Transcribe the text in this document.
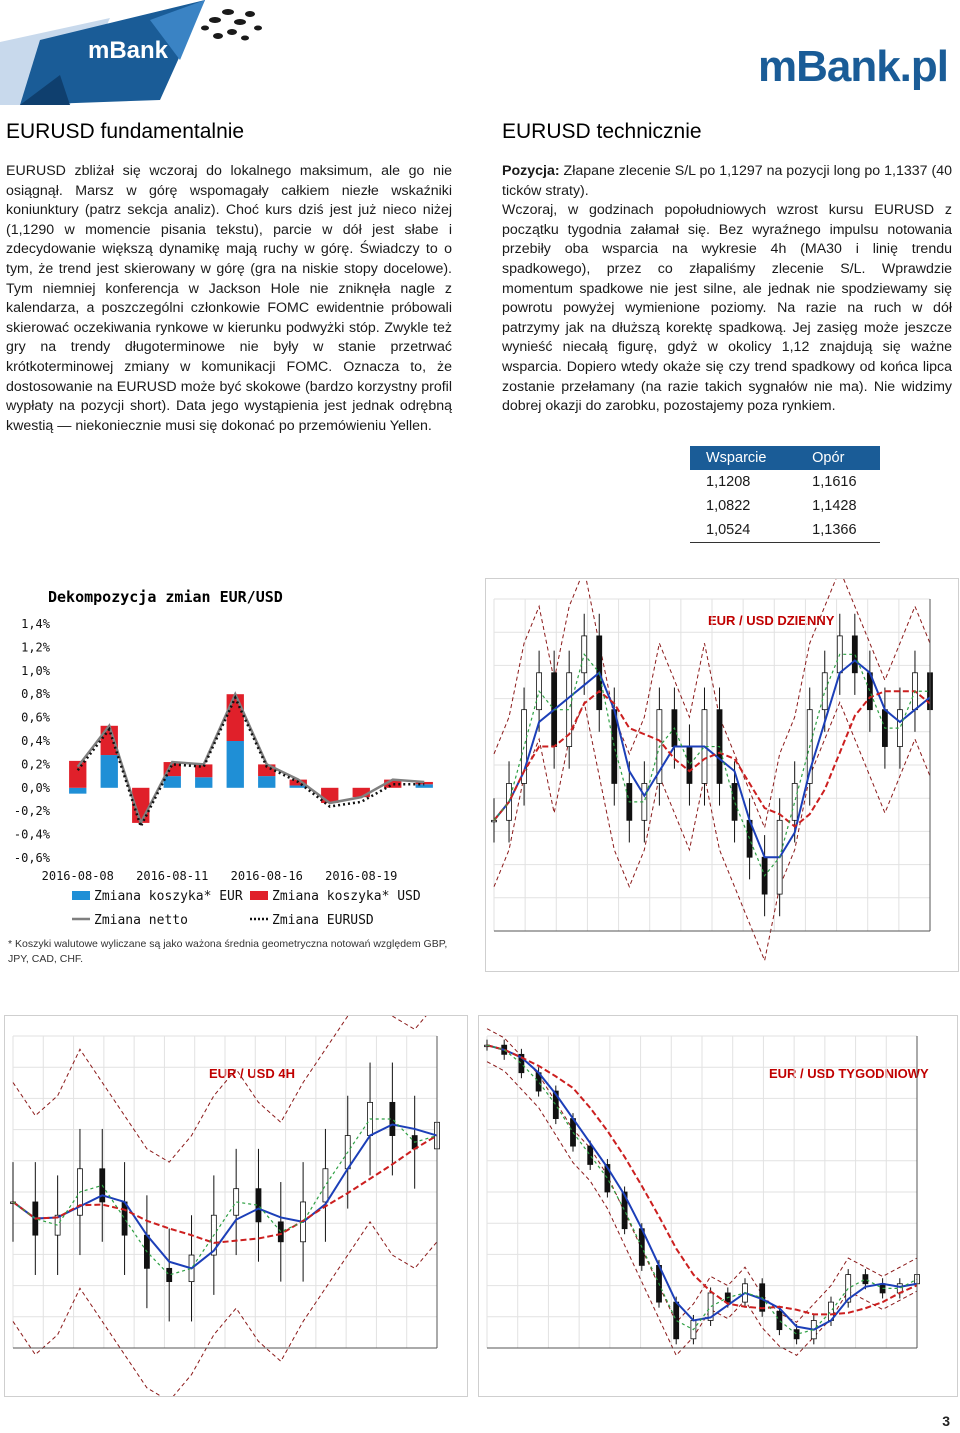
mBank	mBank.pl
EURUSD fundamentalnie

EURUSD zbliżał się wczoraj do lokalnego maksimum, ale go nie osiągnął. Marsz w górę wspomagały całkiem niezłe wskaźniki koniunktury (patrz sekcja analiz). Choć kurs dziś jest już nieco niżej (1,1290 w momencie pisania tekstu), parcie w dół jest słabe i zdecydowanie większą dynamikę mają ruchy w górę. Świadczy to o tym, że trend jest skierowany w górę (gra na niskie stopy docelowe). Tym niemniej konferencja w Jackson Hole nie zniknęła nagle z kalendarza, a poszczególni członkowie FOMC ewidentnie próbowali skierować oczekiwania rynkowe w kierunku podwyżki stóp. Zwykle też gry na trendy długoterminowe nie były w stanie przetrwać krótkoterminowej zmiany w komunikacji FOMC. Oznacza to, że dostosowanie na EURUSD może być skokowe (bardzo korzystny profil wypłaty na pozycji short). Data jego wystąpienia jest jednak odrębną kwestią — niekoniecznie musi się dokonać po przemówieniu Yellen.

EURUSD technicznie

Pozycja: Złapane zlecenie S/L po 1,1297 na pozycji long po 1,1337 (40 ticków straty).

Wczoraj, w godzinach popołudniowych wzrost kursu EURUSD z początku tygodnia załamał się. Bez wyraźnego impulsu notowania przebiły oba wsparcia na wykresie 4h (MA30 i linię trendu spadkowego), przez co złapaliśmy zlecenie S/L. Wprawdzie momentum spadkowe nie jest silne, ale jednak nie spodziewamy się powrotu powyżej wymienione poziomy. Na razie na ruch w dół patrzymy jak na dłuższą korektę spadkową. Jej zasięg może jeszcze wynieść niecałą figurę, gdyż w okolicy 1,12 znajdują się ważne wsparcia. Dopiero wtedy okaże się czy trend spadkowy od końca lipca zostanie przełamany (na razie takich sygnałów nie ma). Nie widzimy dobrej okazji do zarobku, pozostajemy poza rynkiem.

Wsparcie	Opór
1,1208	1,1616
1,0822	1,1428
1,0524	1,1366
Dekompozycja zmian EUR/USD
1,4%
1,2%
1,0%
0,8%
0,6%
0,4%
0,2%
0,0%
-0,2%
-0,4%
-0,6%
2016-08-08 2016-08-11 2016-08-16 2016-08-19
Zmiana koszyka* EUR Zmiana koszyka* USD
Zmiana netto	Zmiana EURUSD
* Koszyki walutowe wyliczane są jako ważona średnia geometryczna notowań względem GBP, JPY, CAD, CHF.
EUR / USD DZIENNY
EUR / USD 4H	EUR / USD TYGODNIOWY
3
